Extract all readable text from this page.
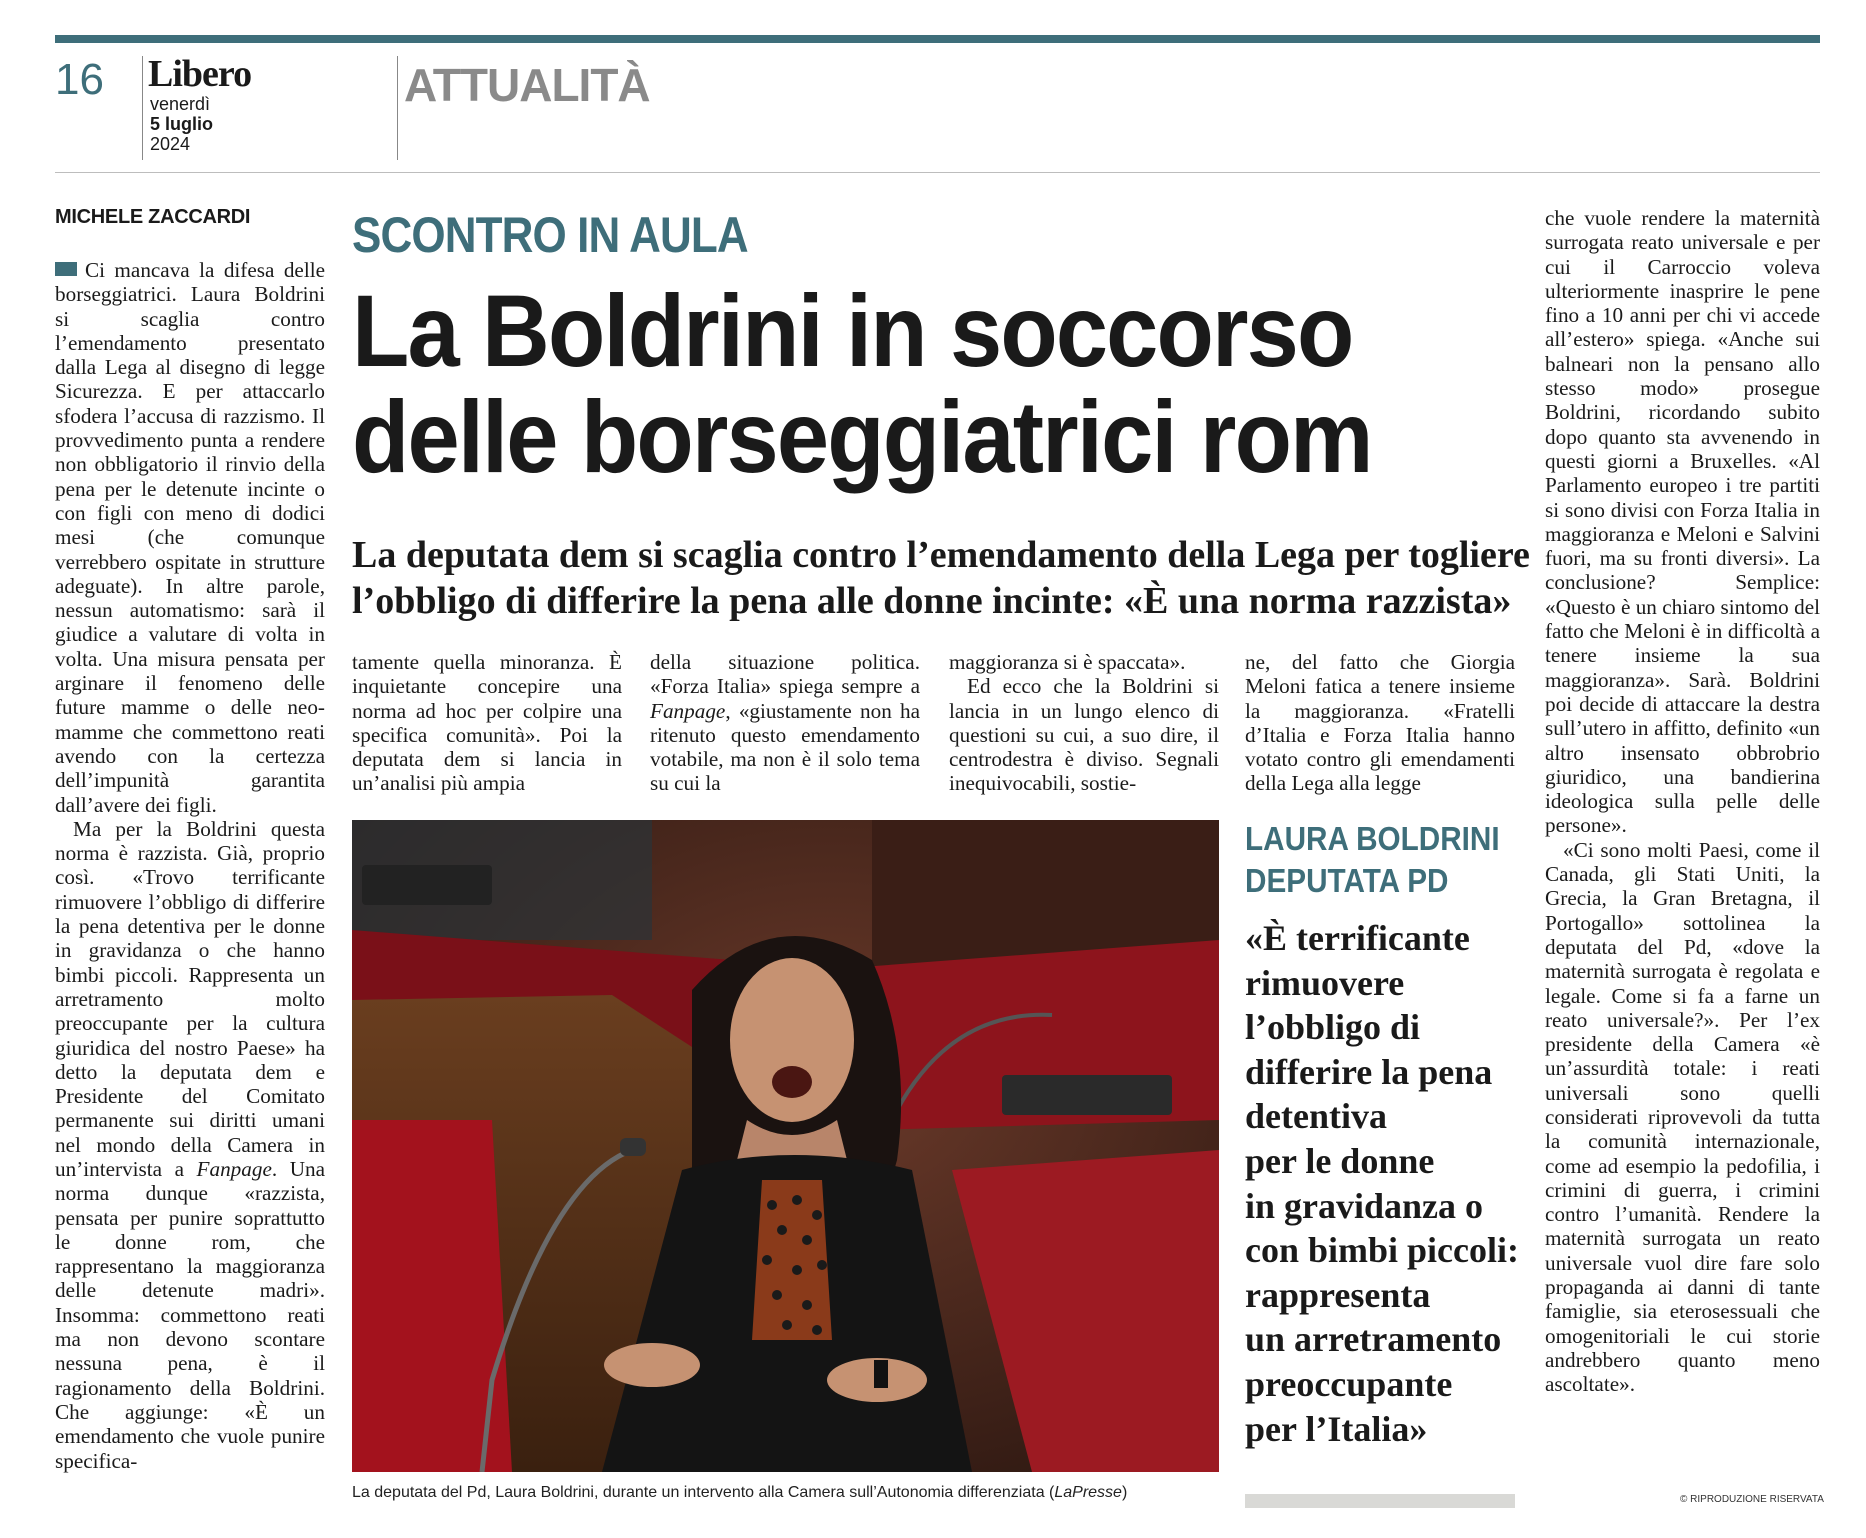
16 Libero
venerdì
5 luglio
2024
ATTUALITÀ
MICHELE ZACCARDI

Ci mancava la difesa delle borseggiatrici. Laura Boldrini si scaglia contro l’emendamento presentato dalla Lega al disegno di legge Sicurezza. E per attaccarlo sfodera l’accusa di razzismo. Il provvedimento punta a rendere non obbligatorio il rinvio della pena per le detenute incinte o con figli con meno di dodici mesi (che comunque verrebbero ospitate in strutture adeguate). In altre parole, nessun automatismo: sarà il giudice a valutare di volta in volta. Una misura pensata per arginare il fenomeno delle future mamme o delle neo-mamme che commettono reati avendo con la certezza dell’impunità garantita dall’avere dei figli.

Ma per la Boldrini questa norma è razzista. Già, proprio così. «Trovo terrificante rimuovere l’obbligo di differire la pena detentiva per le donne in gravidanza o che hanno bimbi piccoli. Rappresenta un arretramento molto preoccupante per la cultura giuridica del nostro Paese» ha detto la deputata dem e Presidente del Comitato permanente sui diritti umani nel mondo della Camera in un’intervista a Fanpage. Una norma dunque «razzista, pensata per punire soprattutto le donne rom, che rappresentano la maggioranza delle detenute madri». Insomma: commettono reati ma non devono scontare nessuna pena, è il ragionamento della Boldrini. Che aggiunge: «È un emendamento che vuole punire specifica-

SCONTRO IN AULA
La Boldrini in soccorso
delle borseggiatrici rom
La deputata dem si scaglia contro l’emendamento della Lega per togliere l’obbligo di differire la pena alle donne incinte: «È una norma razzista»

tamente quella minoranza. È inquietante concepire una norma ad hoc per colpire una specifica comunità». Poi la deputata dem si lancia in un’analisi più ampia

della situazione politica. «Forza Italia» spiega sempre a Fanpage, «giustamente non ha ritenuto questo emendamento votabile, ma non è il solo tema su cui la

maggioranza si è spaccata».

Ed ecco che la Boldrini si lancia in un lungo elenco di questioni su cui, a suo dire, il centrodestra è diviso. Segnali inequivocabili, sostie-

ne, del fatto che Giorgia Meloni fatica a tenere insieme la maggioranza. «Fratelli d’Italia e Forza Italia hanno votato contro gli emendamenti della Lega alla legge

La deputata del Pd, Laura Boldrini, durante un intervento alla Camera sull’Autonomia differenziata (LaPresse)
LAURA BOLDRINI
DEPUTATA PD
«È terrificante
rimuovere
l’obbligo di
differire la pena
detentiva
per le donne
in gravidanza o
con bimbi piccoli:
rappresenta
un arretramento
preoccupante
per l’Italia»

che vuole rendere la maternità surrogata reato universale e per cui il Carroccio voleva ulteriormente inasprire le pene fino a 10 anni per chi vi accede all’estero» spiega. «Anche sui balneari non la pensano allo stesso modo» prosegue Boldrini, ricordando subito dopo quanto sta avvenendo in questi giorni a Bruxelles. «Al Parlamento europeo i tre partiti si sono divisi con Forza Italia in maggioranza e Meloni e Salvini fuori, ma su fronti diversi». La conclusione? Semplice: «Questo è un chiaro sintomo del fatto che Meloni è in difficoltà a tenere insieme la sua maggioranza». Sarà. Boldrini poi decide di attaccare la destra sull’utero in affitto, definito «un altro insensato obbrobrio giuridico, una bandierina ideologica sulla pelle delle persone».

«Ci sono molti Paesi, come il Canada, gli Stati Uniti, la Grecia, la Gran Bretagna, il Portogallo» sottolinea la deputata del Pd, «dove la maternità surrogata è regolata e legale. Come si fa a farne un reato universale?». Per l’ex presidente della Camera «è un’assurdità totale: i reati universali sono quelli considerati riprovevoli da tutta la comunità internazionale, come ad esempio la pedofilia, i crimini di guerra, i crimini contro l’umanità. Rendere la maternità surrogata un reato universale vuol dire fare solo propaganda ai danni di tante famiglie, sia eterosessuali che omogenitoriali le cui storie andrebbero quanto meno ascoltate».

© RIPRODUZIONE RISERVATA
